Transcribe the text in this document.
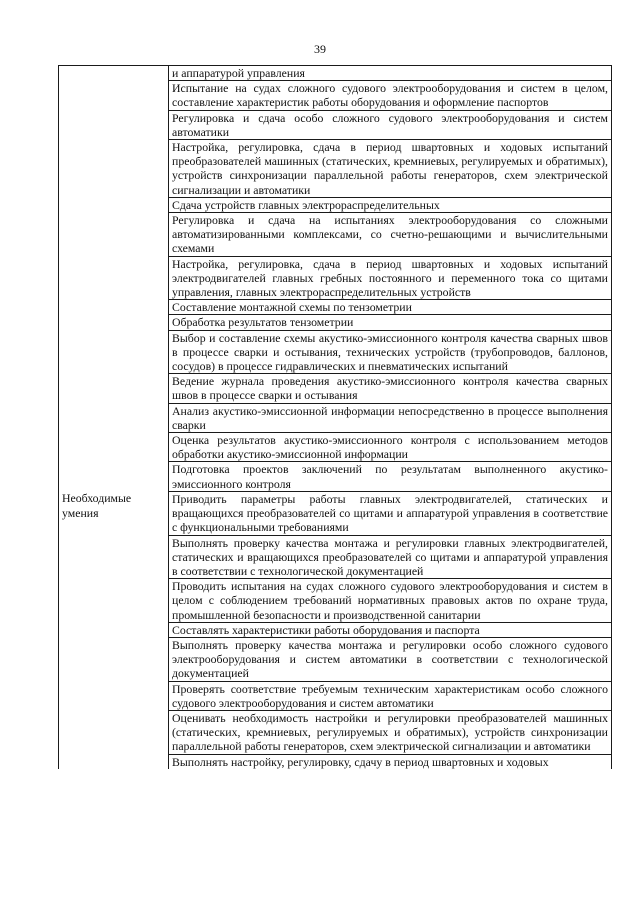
39
	и аппаратурой управления
	Испытание на судах сложного судового электрооборудования и систем в целом, составление характеристик работы оборудования и оформление паспортов
	Регулировка и сдача особо сложного судового электрооборудования и систем автоматики
	Настройка, регулировка, сдача в период швартовных и ходовых испытаний преобразователей машинных (статических, кремниевых, регулируемых и обратимых), устройств синхронизации параллельной работы генераторов, схем электрической сигнализации и автоматики
	Сдача устройств главных электрораспределительных
	Регулировка и сдача на испытаниях электрооборудования со сложными автоматизированными комплексами, со счетно-решающими и вычислительными схемами
	Настройка, регулировка, сдача в период швартовных и ходовых испытаний электродвигателей главных гребных постоянного и переменного тока со щитами управления, главных электрораспределительных устройств
	Составление монтажной схемы по тензометрии
	Обработка результатов тензометрии
	Выбор и составление схемы акустико-эмиссионного контроля качества сварных швов в процессе сварки и остывания, технических устройств (трубопроводов, баллонов, сосудов) в процессе гидравлических и пневматических испытаний
	Ведение журнала проведения акустико-эмиссионного контроля качества сварных швов в процессе сварки и остывания
	Анализ акустико-эмиссионной информации непосредственно в процессе выполнения сварки
	Оценка результатов акустико-эмиссионного контроля с использованием методов обработки акустико-эмиссионной информации
	Подготовка проектов заключений по результатам выполненного акустико-эмиссионного контроля
Необходимые умения	Приводить параметры работы главных электродвигателей, статических и вращающихся преобразователей со щитами и аппаратурой управления в соответствие с функциональными требованиями
	Выполнять проверку качества монтажа и регулировки главных электродвигателей, статических и вращающихся преобразователей со щитами и аппаратурой управления в соответствии с технологической документацией
	Проводить испытания на судах сложного судового электрооборудования и систем в целом с соблюдением требований нормативных правовых актов по охране труда, промышленной безопасности и производственной санитарии
	Составлять характеристики работы оборудования и паспорта
	Выполнять проверку качества монтажа и регулировки особо сложного судового электрооборудования и систем автоматики в соответствии с технологической документацией
	Проверять соответствие требуемым техническим характеристикам особо сложного судового электрооборудования и систем автоматики
	Оценивать необходимость настройки и регулировки преобразователей машинных (статических, кремниевых, регулируемых и обратимых), устройств синхронизации параллельной работы генераторов, схем электрической сигнализации и автоматики
	Выполнять настройку, регулировку, сдачу в период швартовных и ходовых
